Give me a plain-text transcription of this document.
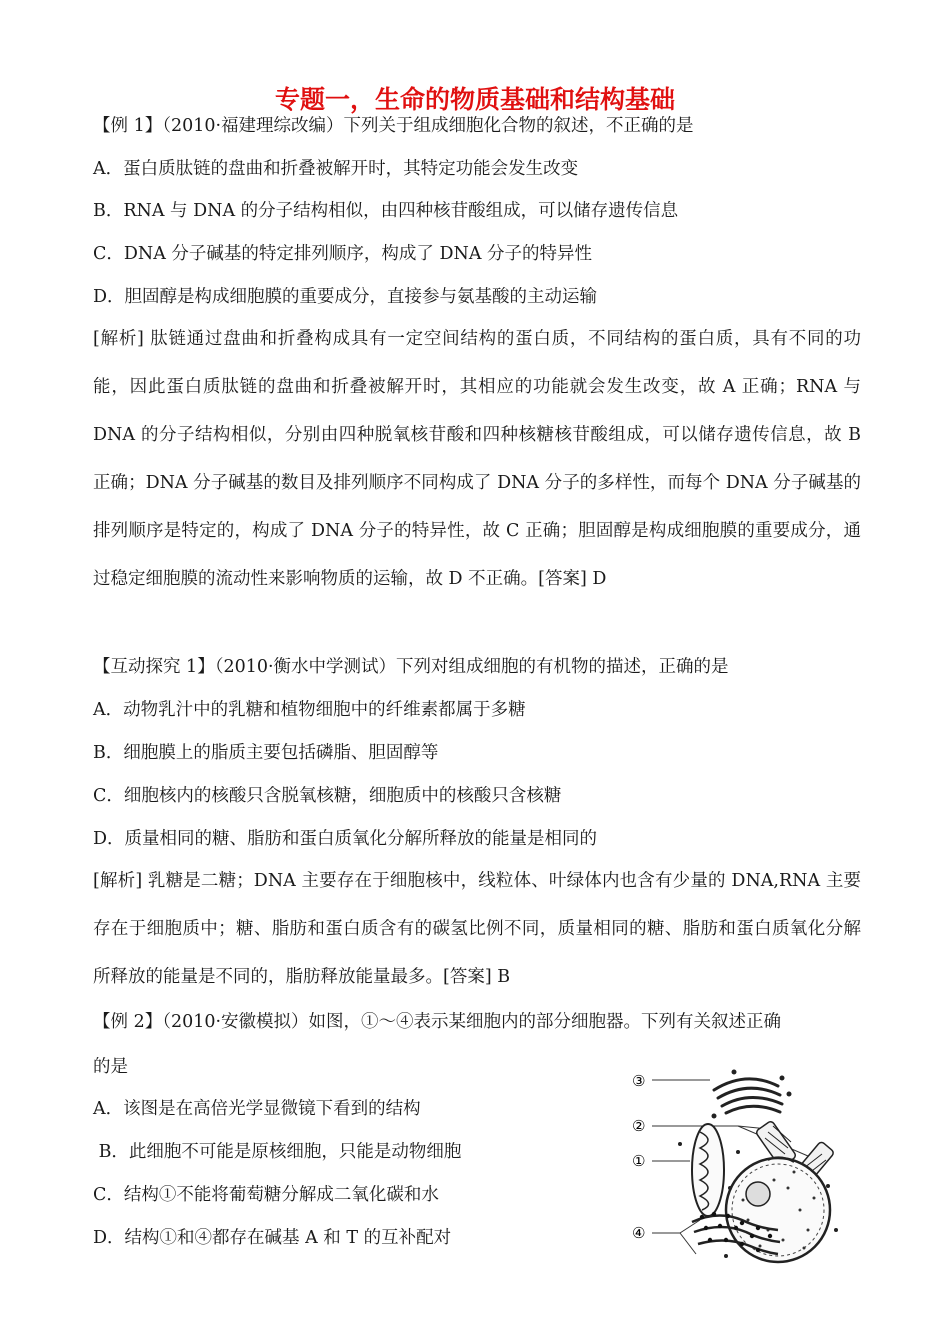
专题一，生命的物质基础和结构基础
【例 1】（2010·福建理综改编）下列关于组成细胞化合物的叙述，不正确的是
A．蛋白质肽链的盘曲和折叠被解开时，其特定功能会发生改变
B．RNA 与 DNA 的分子结构相似，由四种核苷酸组成，可以储存遗传信息
C．DNA 分子碱基的特定排列顺序，构成了 DNA 分子的特异性
D．胆固醇是构成细胞膜的重要成分，直接参与氨基酸的主动运输
[解析] 肽链通过盘曲和折叠构成具有一定空间结构的蛋白质，不同结构的蛋白质，具有不同的功能，因此蛋白质肽链的盘曲和折叠被解开时，其相应的功能就会发生改变，故 A 正确；RNA 与 DNA 的分子结构相似，分别由四种脱氧核苷酸和四种核糖核苷酸组成，可以储存遗传信息，故 B 正确；DNA 分子碱基的数目及排列顺序不同构成了 DNA 分子的多样性，而每个 DNA 分子碱基的排列顺序是特定的，构成了 DNA 分子的特异性，故 C 正确；胆固醇是构成细胞膜的重要成分，通过稳定细胞膜的流动性来影响物质的运输，故 D 不正确。[答案] D
【互动探究 1】（2010·衡水中学测试）下列对组成细胞的有机物的描述，正确的是
A．动物乳汁中的乳糖和植物细胞中的纤维素都属于多糖
B．细胞膜上的脂质主要包括磷脂、胆固醇等
C．细胞核内的核酸只含脱氧核糖，细胞质中的核酸只含核糖
D．质量相同的糖、脂肪和蛋白质氧化分解所释放的能量是相同的
[解析] 乳糖是二糖；DNA 主要存在于细胞核中，线粒体、叶绿体内也含有少量的 DNA,RNA 主要存在于细胞质中；糖、脂肪和蛋白质含有的碳氢比例不同，质量相同的糖、脂肪和蛋白质氧化分解所释放的能量是不同的，脂肪释放能量最多。[答案] B
【例 2】（2010·安徽模拟）如图，①～④表示某细胞内的部分细胞器。下列有关叙述正确
的是
A．该图是在高倍光学显微镜下看到的结构
B．此细胞不可能是原核细胞，只能是动物细胞
C．结构①不能将葡萄糖分解成二氧化碳和水
D．结构①和④都存在碱基 A 和 T 的互补配对
③
②
①
④
